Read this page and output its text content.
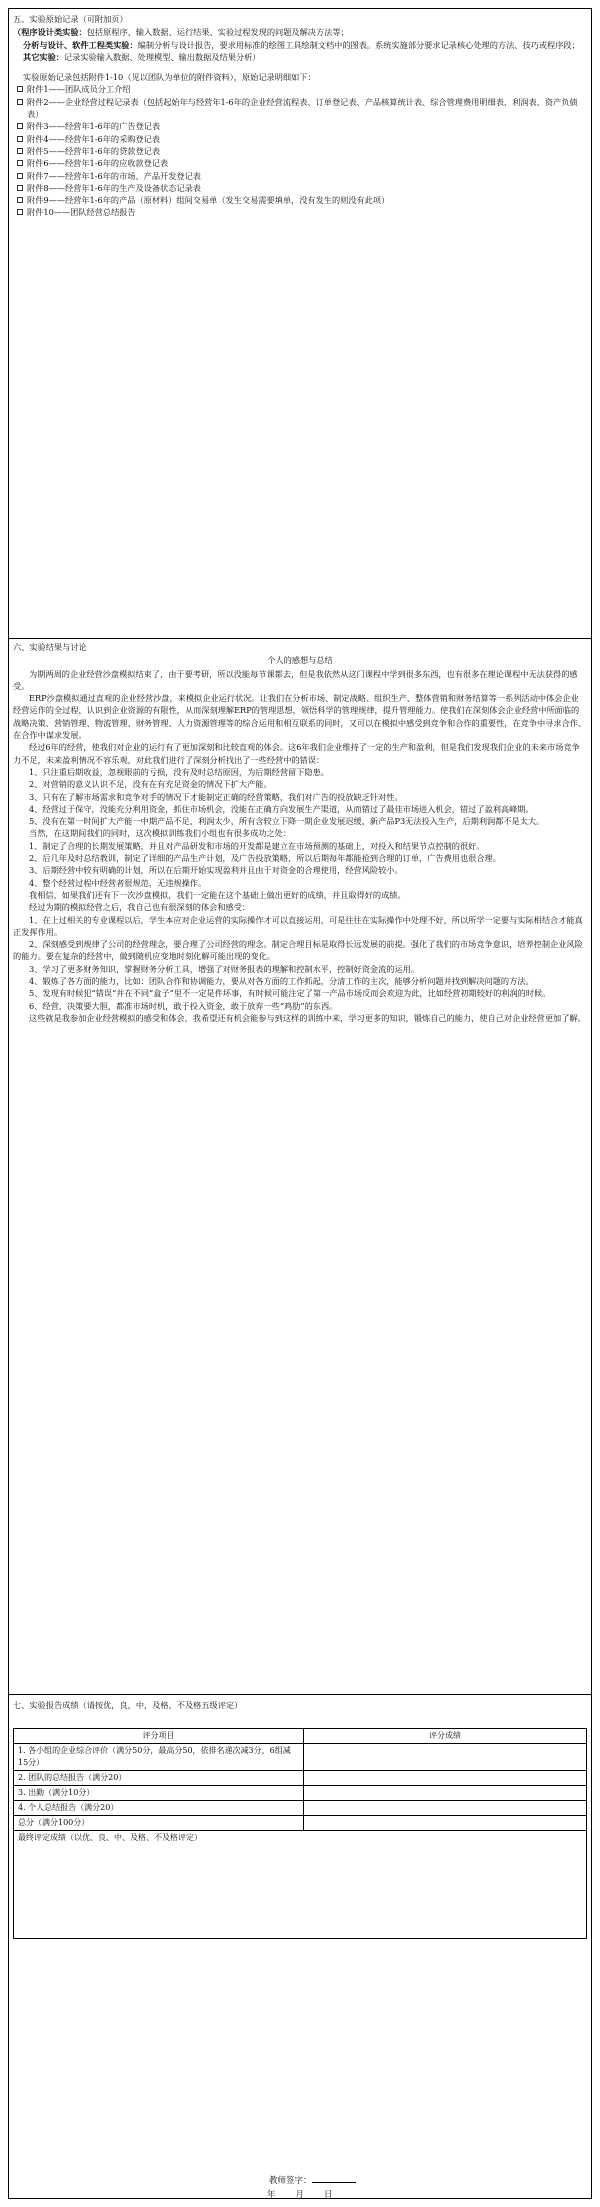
五、实验原始记录（可附加页）
（程序设计类实验：包括原程序、输入数据、运行结果、实验过程发现的问题及解决方法等；
分析与设计、软件工程类实验：编制分析与设计报告，要求用标准的绘图工具绘制文档中的图表。系统实施部分要求记录核心处理的方法、技巧或程序段；
其它实验：记录实验输入数据、处理模型、输出数据及结果分析）
实验原始记录包括附件1-10（见以团队为单位的附件资料），原始记录明细如下：
附件1——团队成员分工介绍
附件2——企业经营过程记录表（包括起始年与经营年1-6年的企业经营流程表、订单登记表、产品核算统计表、综合管理费用明细表、利润表、资产负债表）
附件3——经营年1-6年的广告登记表
附件4——经营年1-6年的采购登记表
附件5——经营年1-6年的贷款登记表
附件6——经营年1-6年的应收款登记表
附件7——经营年1-6年的市场、产品开发登记表
附件8——经营年1-6年的生产及设备状态记录表
附件9——经营年1-6年的产品（原材料）组间交易单（发生交易需要填单，没有发生的则没有此项）
附件10——团队经营总结报告
六、实验结果与讨论
个人的感想与总结

为期两周的企业经营沙盘模拟结束了，由于要考研，所以没能每节课都去，但是我依然从这门课程中学到很多东西，也有很多在理论课程中无法获得的感受。

ERP沙盘模拟通过直观的企业经营沙盘，来模拟企业运行状况。让我们在分析市场、制定战略、组织生产、整体营销和财务结算等一系列活动中体会企业经营运作的全过程，认识到企业资源的有限性，从而深刻理解ERP的管理思想，领悟科学的管理规律，提升管理能力。使我们在深刻体会企业经营中所面临的战略决策、营销管理、物流管理、财务管理、人力资源管理等的综合运用和相互联系的同时，又可以在模拟中感受到竞争和合作的重要性，在竞争中寻求合作、在合作中谋求发展。

经过6年的经营，使我们对企业的运行有了更加深刻和比较直观的体会。这6年我们企业维持了一定的生产和盈利，但是我们发现我们企业的未来市场竞争力不足，未来盈利情况不容乐观，对此我们进行了深刻分析找出了一些经营中的错误：

1、只注重后期收益，忽视眼前的亏损，没有及时总结原因，为后期经营留下隐患。

2、对营销的意义认识不足，没有在有充足资金的情况下扩大产能。

3、只有在了解市场需求和竞争对手的情况下才能制定正确的经营策略，我们对广告的投放缺乏针对性。

4、经营过于保守，没能充分利用资金，抓住市场机会，没能在正确方向发展生产渠道，从而错过了最佳市场进入机会，错过了盈利高峰期。

5、没有在第一时间扩大产能一中期产品不足，利润太少，所有含较立下降一期企业发展迟缓，新产品P3无法投入生产，后期利润都不是太大。

当然，在这期间我们的同时，这次模拟训练我们小组也有很多成功之处：

1、制定了合理的长期发展策略，并且对产品研发和市场的开发都是建立在市场预测的基础上，对投入和结果节点控制的很好。

2、后几年及时总结教训，制定了详细的产品生产计划，及广告投放策略，所以后期每年都能抢到合理的订单，广告费用也很合理。

3、后期经营中较有明确的计划，所以在后期开始实现盈利并且由于对资金的合理使用，经营风险较小。

4、整个经营过程中经营者很规范，无违规操作。

我相信，如果我们还有下一次沙盘模拟，我们一定能在这个基础上做出更好的成绩，并且取得好的成绩。

经过为期的模拟经营之后，我自己也有很深刻的体会和感受：

1、在上过相关的专业课程以后，学生本应对企业运营的实际操作才可以直接运用，可是往往在实际操作中处理不好，所以所学一定要与实际相结合才能真正发挥作用。

2、深刻感受到规律了公司的经营理念，要合理了公司经营的理念。制定合理目标是取得长远发展的前提。强化了我们的市场竞争意识，培养控制企业风险的能力。要在复杂的经营中，做到随机应变地时刻化解可能出现的变化。

3、学习了更多财务知识，掌握财务分析工具，增强了对财务报表的理解和控制水平，控制好资金流的运用。

4、锻炼了各方面的能力，比如：团队合作和协调能力，要从对各方面的工作抓起，分清工作的主次，能够分析问题并找到解决问题的方法。

5、发现有时候犯“错误”并在不同“盒子”里不一定是件坏事，有时候可能注定了第一产品市场反而会欢迎为此，比如经营初期较好的利润的时候。

6、经营，决策要大胆，都准市场时机，敢于投入资金，敢于放弃一些“鸡肋”的东西。

这些就是我参加企业经营模拟的感受和体会，我希望还有机会能参与到这样的训练中来，学习更多的知识，锻炼自己的能力，使自己对企业经营更加了解。

七、实验报告成绩（请按优，良，中，及格，不及格五级评定）
评分项目	评分成绩
1. 各小组的企业综合评价（满分50分，最高分50，依排名递次减3分，6组减15分）	
2. 团队的总结报告（满分20）	
3. 出勤（满分10分）	
4. 个人总结报告（满分20）	
总分（满分100分）	
最终评定成绩（以优、良、中、及格、不及格评定）	
教师签字：
年　　月　　日
